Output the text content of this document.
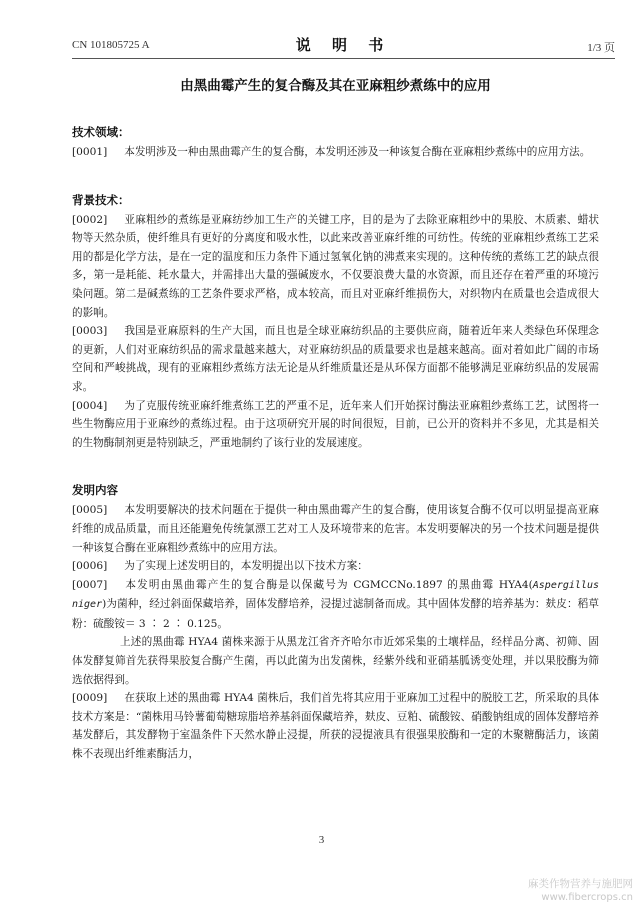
CN 101805725 A	说 明 书	1/3 页
由黑曲霉产生的复合酶及其在亚麻粗纱煮练中的应用
技术领域：

[0001] 本发明涉及一种由黑曲霉产生的复合酶，本发明还涉及一种该复合酶在亚麻粗纱煮练中的应用方法。

背景技术：

[0002] 亚麻粗纱的煮练是亚麻纺纱加工生产的关键工序，目的是为了去除亚麻粗纱中的果胶、木质素、蜡状物等天然杂质，使纤维具有更好的分离度和吸水性，以此来改善亚麻纤维的可纺性。传统的亚麻粗纱煮练工艺采用的都是化学方法，是在一定的温度和压力条件下通过氢氧化钠的沸煮来实现的。这种传统的煮练工艺的缺点很多，第一是耗能、耗水量大，并需排出大量的强碱废水，不仅要浪费大量的水资源，而且还存在着严重的环境污染问题。第二是碱煮练的工艺条件要求严格，成本较高，而且对亚麻纤维损伤大，对织物内在质量也会造成很大的影响。

[0003] 我国是亚麻原料的生产大国，而且也是全球亚麻纺织品的主要供应商，随着近年来人类绿色环保理念的更新，人们对亚麻纺织品的需求量越来越大，对亚麻纺织品的质量要求也是越来越高。面对着如此广阔的市场空间和严峻挑战，现有的亚麻粗纱煮练方法无论是从纤维质量还是从环保方面都不能够满足亚麻纺织品的发展需求。

[0004] 为了克服传统亚麻纤维煮练工艺的严重不足，近年来人们开始探讨酶法亚麻粗纱煮练工艺，试图将一些生物酶应用于亚麻纱的煮练过程。由于这项研究开展的时间很短，目前，已公开的资料并不多见，尤其是相关的生物酶制剂更是特别缺乏，严重地制约了该行业的发展速度。

发明内容

[0005] 本发明要解决的技术问题在于提供一种由黑曲霉产生的复合酶，使用该复合酶不仅可以明显提高亚麻纤维的成品质量，而且还能避免传统氯漂工艺对工人及环境带来的危害。本发明要解决的另一个技术问题是提供一种该复合酶在亚麻粗纱煮练中的应用方法。

[0006] 为了实现上述发明目的，本发明提出以下技术方案：

[0007] 本发明由黑曲霉产生的复合酶是以保藏号为 CGMCCNo.1897 的黑曲霉 HYA4(Aspergillus niger)为菌种，经过斜面保藏培养，固体发酵培养，浸提过滤制备而成。其中固体发酵的培养基为：麸皮：稻草粉：硫酸铵＝ 3 ∶ 2 ∶ 0.125。

上述的黑曲霉 HYA4 菌株来源于从黑龙江省齐齐哈尔市近郊采集的土壤样品，经样品分离、初筛、固体发酵复筛首先获得果胶复合酶产生菌，再以此菌为出发菌株，经紫外线和亚硝基胍诱变处理，并以果胶酶为筛选依据得到。

[0009] 在获取上述的黑曲霉 HYA4 菌株后，我们首先将其应用于亚麻加工过程中的脱胶工艺，所采取的具体技术方案是：“菌株用马铃薯葡萄糖琼脂培养基斜面保藏培养，麸皮、豆粕、硫酸铵、硝酸钠组成的固体发酵培养基发酵后，其发酵物于室温条件下天然水静止浸提，所获的浸提液具有很强果胶酶和一定的木聚糖酶活力，该菌株不表现出纤维素酶活力，

3
麻类作物营养与施肥网
www.fibercrops.cn
